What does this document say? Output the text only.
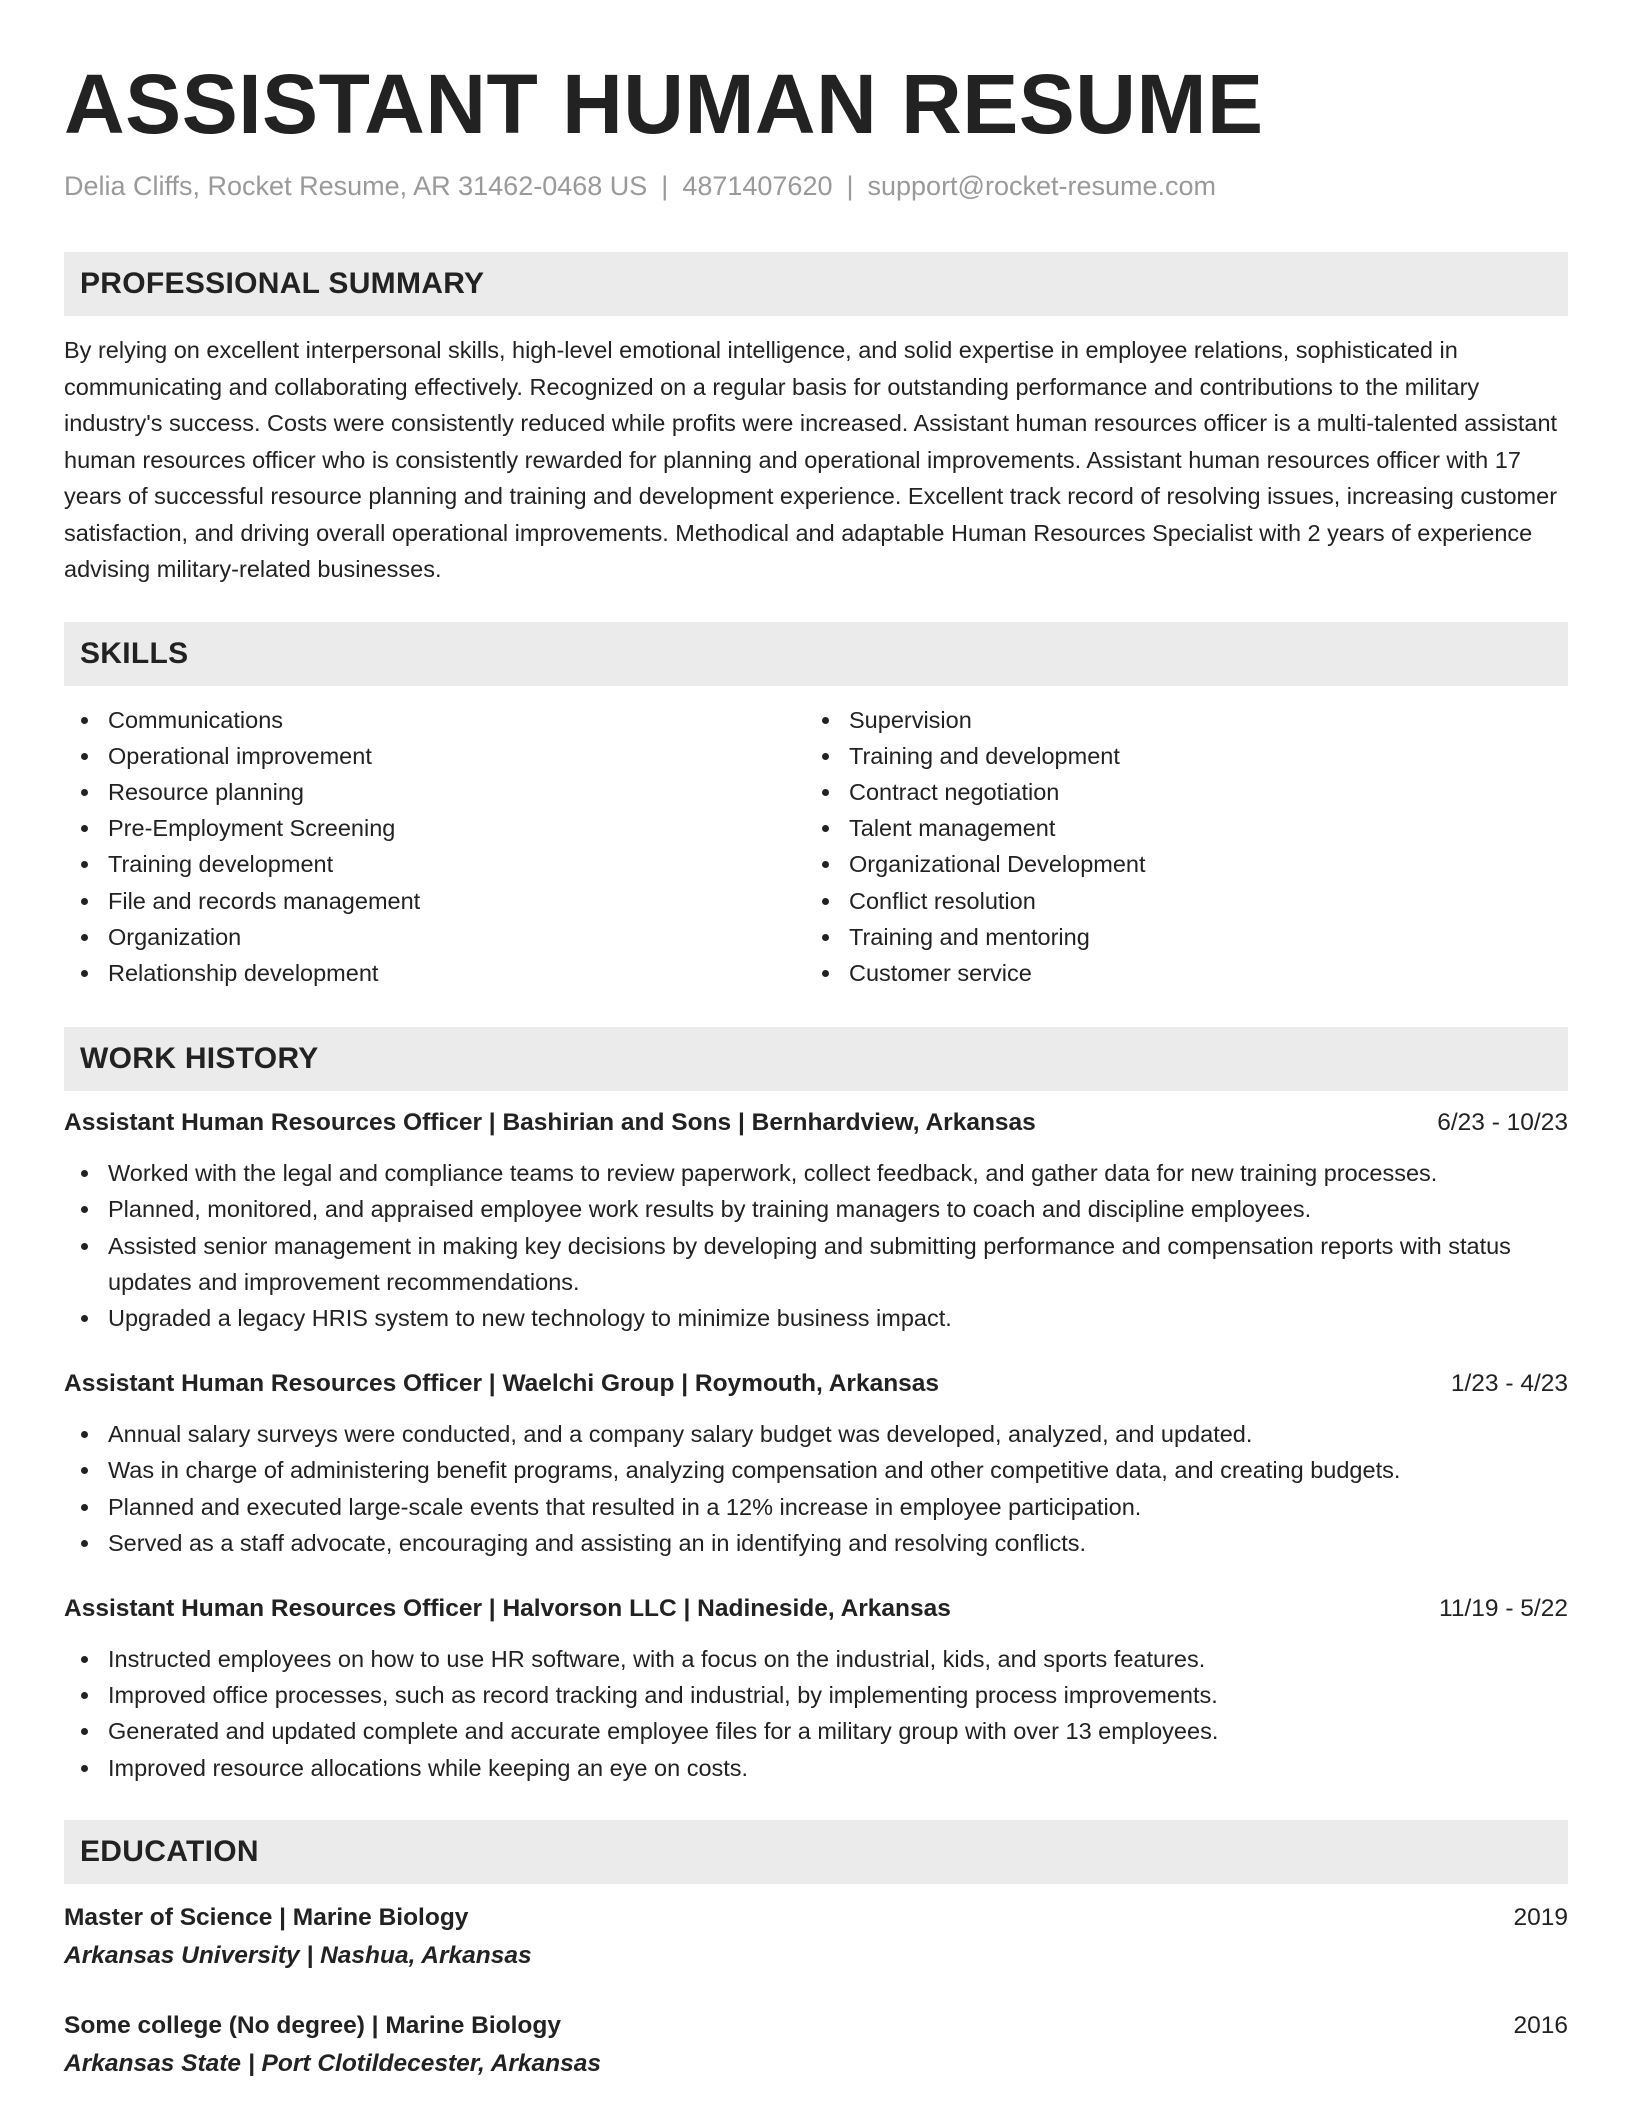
ASSISTANT HUMAN RESUME
Delia Cliffs, Rocket Resume, AR 31462-0468 US | 4871407620 | support@rocket-resume.com
PROFESSIONAL SUMMARY

By relying on excellent interpersonal skills, high-level emotional intelligence, and solid expertise in employee relations, sophisticated in communicating and collaborating effectively. Recognized on a regular basis for outstanding performance and contributions to the military industry's success. Costs were consistently reduced while profits were increased. Assistant human resources officer is a multi-talented assistant human resources officer who is consistently rewarded for planning and operational improvements. Assistant human resources officer with 17 years of successful resource planning and training and development experience. Excellent track record of resolving issues, increasing customer satisfaction, and driving overall operational improvements. Methodical and adaptable Human Resources Specialist with 2 years of experience advising military-related businesses.

SKILLS
Communications
Operational improvement
Resource planning
Pre-Employment Screening
Training development
File and records management
Organization
Relationship development
Supervision
Training and development
Contract negotiation
Talent management
Organizational Development
Conflict resolution
Training and mentoring
Customer service
WORK HISTORY
Assistant Human Resources Officer | Bashirian and Sons | Bernhardview, Arkansas	6/23 - 10/23
Worked with the legal and compliance teams to review paperwork, collect feedback, and gather data for new training processes.
Planned, monitored, and appraised employee work results by training managers to coach and discipline employees.
Assisted senior management in making key decisions by developing and submitting performance and compensation reports with status updates and improvement recommendations.
Upgraded a legacy HRIS system to new technology to minimize business impact.
Assistant Human Resources Officer | Waelchi Group | Roymouth, Arkansas	1/23 - 4/23
Annual salary surveys were conducted, and a company salary budget was developed, analyzed, and updated.
Was in charge of administering benefit programs, analyzing compensation and other competitive data, and creating budgets.
Planned and executed large-scale events that resulted in a 12% increase in employee participation.
Served as a staff advocate, encouraging and assisting an in identifying and resolving conflicts.
Assistant Human Resources Officer | Halvorson LLC | Nadineside, Arkansas	11/19 - 5/22
Instructed employees on how to use HR software, with a focus on the industrial, kids, and sports features.
Improved office processes, such as record tracking and industrial, by implementing process improvements.
Generated and updated complete and accurate employee files for a military group with over 13 employees.
Improved resource allocations while keeping an eye on costs.
EDUCATION
Master of Science | Marine Biology	2019
Arkansas University | Nashua, Arkansas
Some college (No degree) | Marine Biology	2016
Arkansas State | Port Clotildecester, Arkansas
